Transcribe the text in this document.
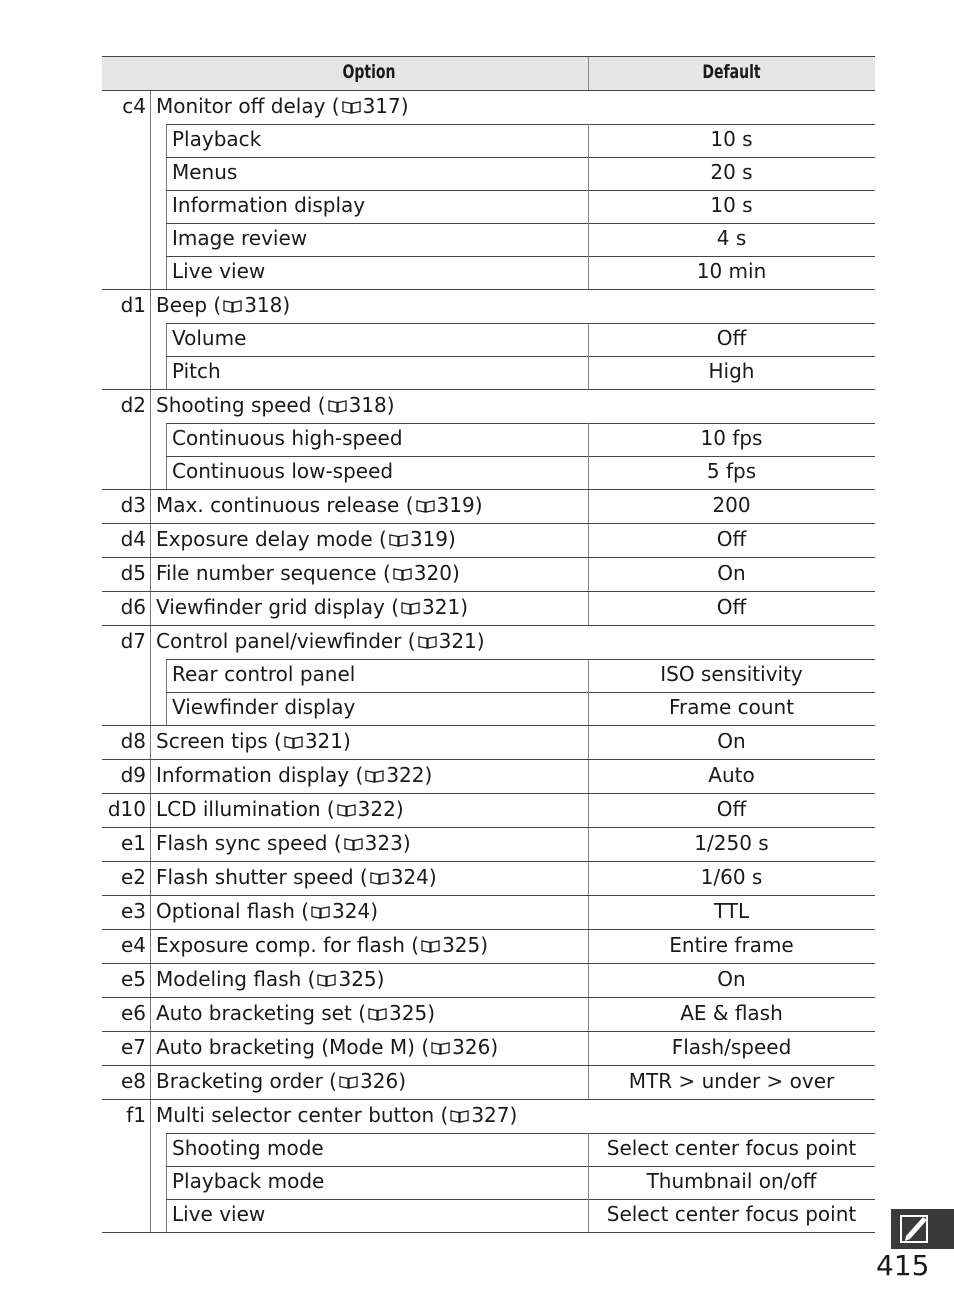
Option	Default
c4 Monitor off delay ( 317)
Playback	10 s
Menus	20 s
Information display	10 s
Image review	4 s
Live view	10 min
d1 Beep ( 318)
Volume	Off
Pitch	High
d2 Shooting speed ( 318)
Continuous high-speed	10 fps
Continuous low-speed	5 fps
d3 Max. continuous release ( 319)	200
d4 Exposure delay mode ( 319)	Off
d5 File number sequence ( 320)	On
d6 Viewfinder grid display ( 321)	Off
d7 Control panel/viewfinder ( 321)
Rear control panel	ISO sensitivity
Viewfinder display	Frame count
d8 Screen tips ( 321)	On
d9 Information display ( 322)	Auto
d10 LCD illumination ( 322)	Off
e1 Flash sync speed ( 323)	1/250 s
e2 Flash shutter speed ( 324)	1/60 s
e3 Optional flash ( 324)	TTL
e4 Exposure comp. for flash ( 325)	Entire frame
e5 Modeling flash ( 325)	On
e6 Auto bracketing set ( 325)	AE & flash
e7 Auto bracketing (Mode M) ( 326)	Flash/speed
e8 Bracketing order ( 326)	MTR > under > over
f1 Multi selector center button ( 327)
Shooting mode	Select center focus point
Playback mode	Thumbnail on/off
Live view	Select center focus point
415
